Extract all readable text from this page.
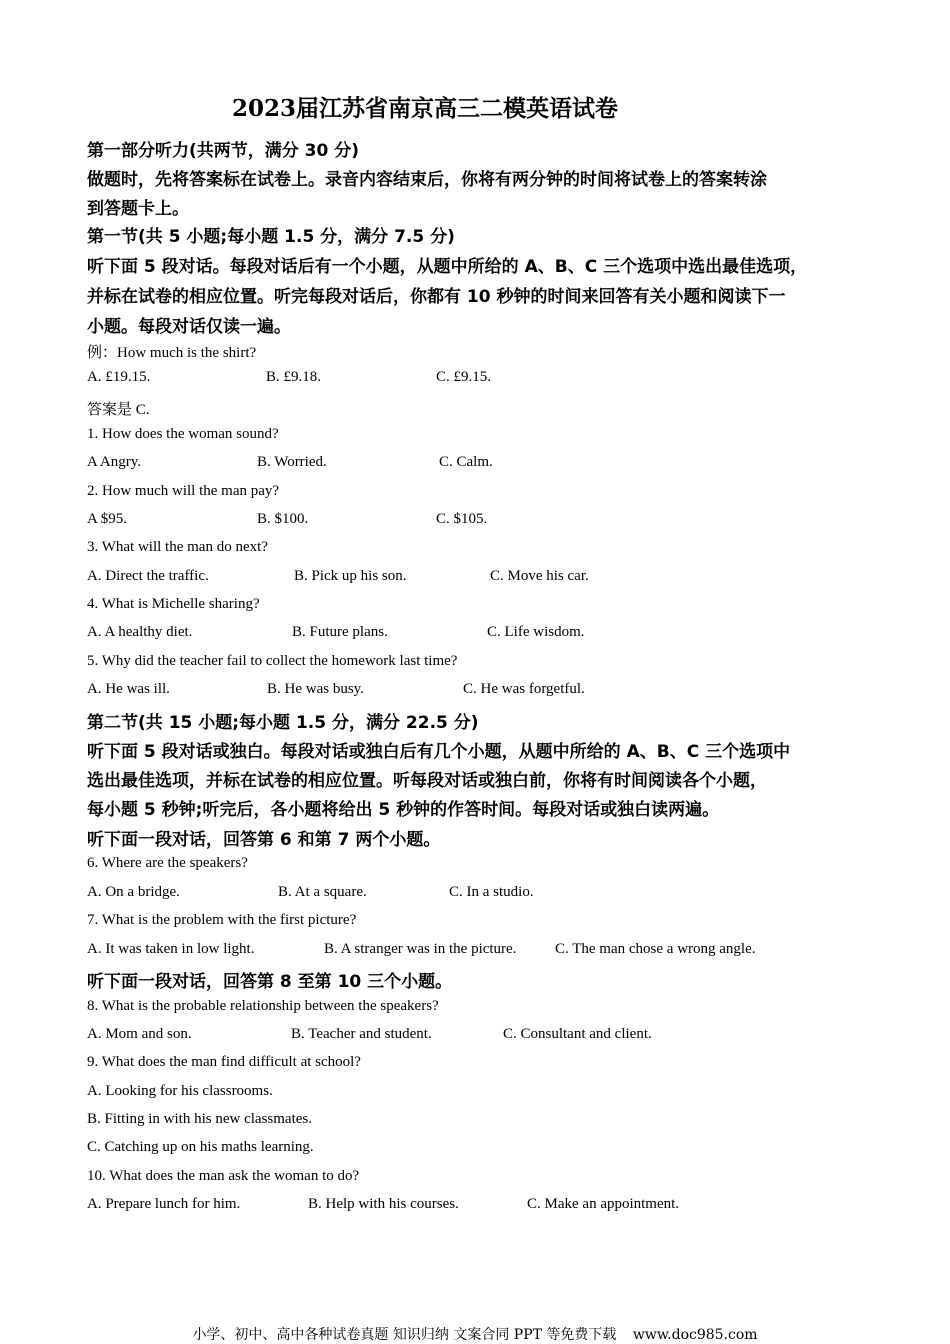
2023届江苏省南京高三二模英语试卷
第一部分听力(共两节，满分 30 分)
做题时，先将答案标在试卷上。录音内容结束后，你将有两分钟的时间将试卷上的答案转涂
到答题卡上。
第一节(共 5 小题;每小题 1.5 分，满分 7.5 分)
听下面 5 段对话。每段对话后有一个小题，从题中所给的 A、B、C 三个选项中选出最佳选项，
并标在试卷的相应位置。听完每段对话后，你都有 10 秒钟的时间来回答有关小题和阅读下一
小题。每段对话仅读一遍。
例：How much is the shirt?
A. £19.15.	B. £9.18.	C. £9.15.
答案是 C.
1. How does the woman sound?
A Angry.	B. Worried.	C. Calm.
2. How much will the man pay?
A $95.	B. $100.	C. $105.
3. What will the man do next?
A. Direct the traffic.	B. Pick up his son.	C. Move his car.
4. What is Michelle sharing?
A. A healthy diet.	B. Future plans.	C. Life wisdom.
5. Why did the teacher fail to collect the homework last time?
A. He was ill.	B. He was busy.	C. He was forgetful.
第二节(共 15 小题;每小题 1.5 分，满分 22.5 分)
听下面 5 段对话或独白。每段对话或独白后有几个小题，从题中所给的 A、B、C 三个选项中
选出最佳选项，并标在试卷的相应位置。听每段对话或独白前，你将有时间阅读各个小题，
每小题 5 秒钟;听完后，各小题将给出 5 秒钟的作答时间。每段对话或独白读两遍。
听下面一段对话，回答第 6 和第 7 两个小题。
6. Where are the speakers?
A. On a bridge.	B. At a square.	C. In a studio.
7. What is the problem with the first picture?
A. It was taken in low light.	B. A stranger was in the picture.	C. The man chose a wrong angle.
听下面一段对话，回答第 8 至第 10 三个小题。
8. What is the probable relationship between the speakers?
A. Mom and son.	B. Teacher and student.	C. Consultant and client.
9. What does the man find difficult at school?
A. Looking for his classrooms.
B. Fitting in with his new classmates.
C. Catching up on his maths learning.
10. What does the man ask the woman to do?
A. Prepare lunch for him.	B. Help with his courses.	C. Make an appointment.
小学、初中、高中各种试卷真题 知识归纳 文案合同 PPT 等免费下载 www.doc985.com
